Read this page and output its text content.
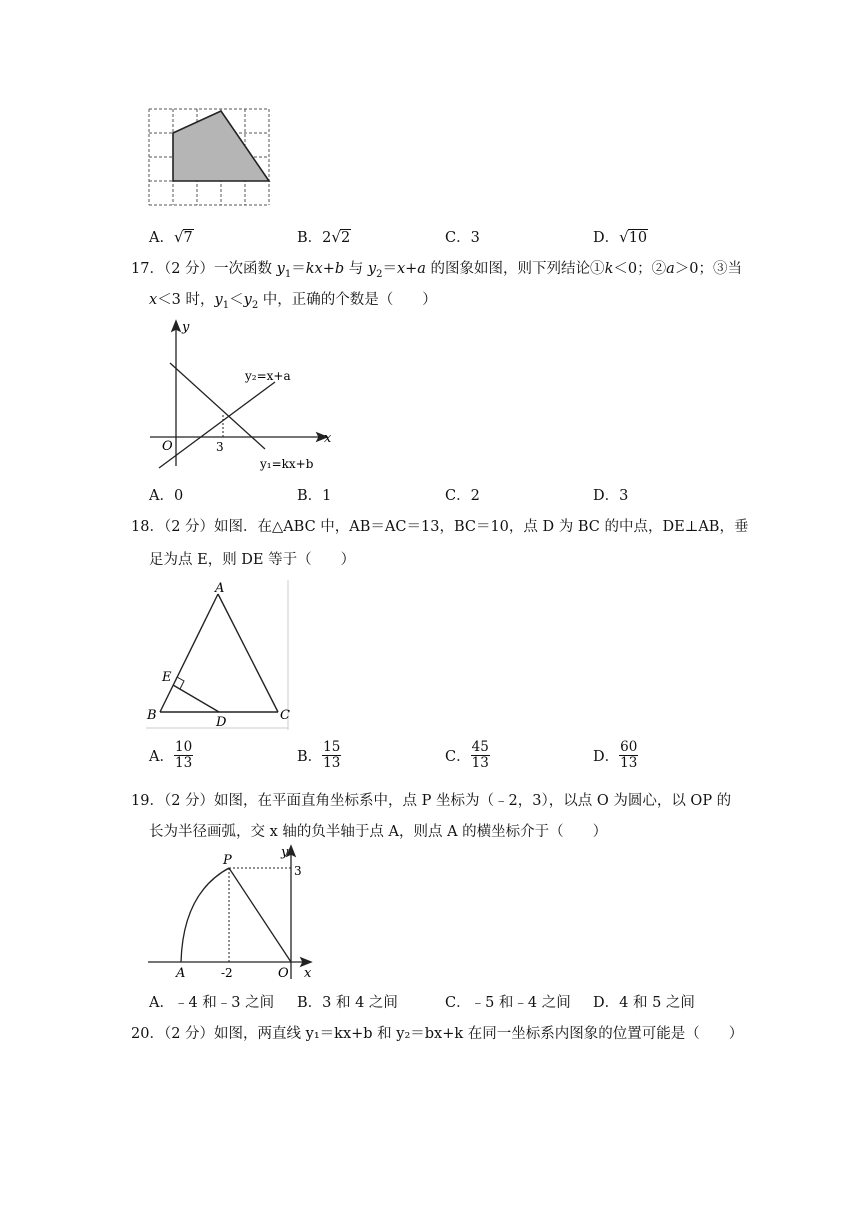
A．√7	B．2√2	C．3	D．√10
17．（2 分）一次函数 $y_1=kx+b$ 与 $y_2=x+a$ 的图象如图，则下列结论①k＜0；②a＞0；③当
x＜3 时，$y_1<y_2$ 中，正确的个数是（　　）
y
x
O	3
y₂=x+a
y₁=kx+b
A．0	B．1	C．2	D．3
18．（2 分）如图．在△ABC 中，AB＝AC＝13，BC＝10，点 D 为 BC 的中点，DE⊥AB，垂
足为点 E，则 DE 等于（　　）
A
B	C
D
E
A． $\frac{10}{13}$	B． $\frac{15}{13}$	C． $\frac{45}{13}$	D． $\frac{60}{13}$
19．（2 分）如图，在平面直角坐标系中，点 P 坐标为（﹣2，3），以点 O 为圆心，以 OP 的
长为半径画弧，交 x 轴的负半轴于点 A，则点 A 的横坐标介于（　　）
P
y
3
A	-2	O x
A．﹣4 和﹣3 之间 B．3 和 4 之间	C．﹣5 和﹣4 之间 D．4 和 5 之间
20．（2 分）如图，两直线 y₁＝kx+b 和 y₂＝bx+k 在同一坐标系内图象的位置可能是（　　）
